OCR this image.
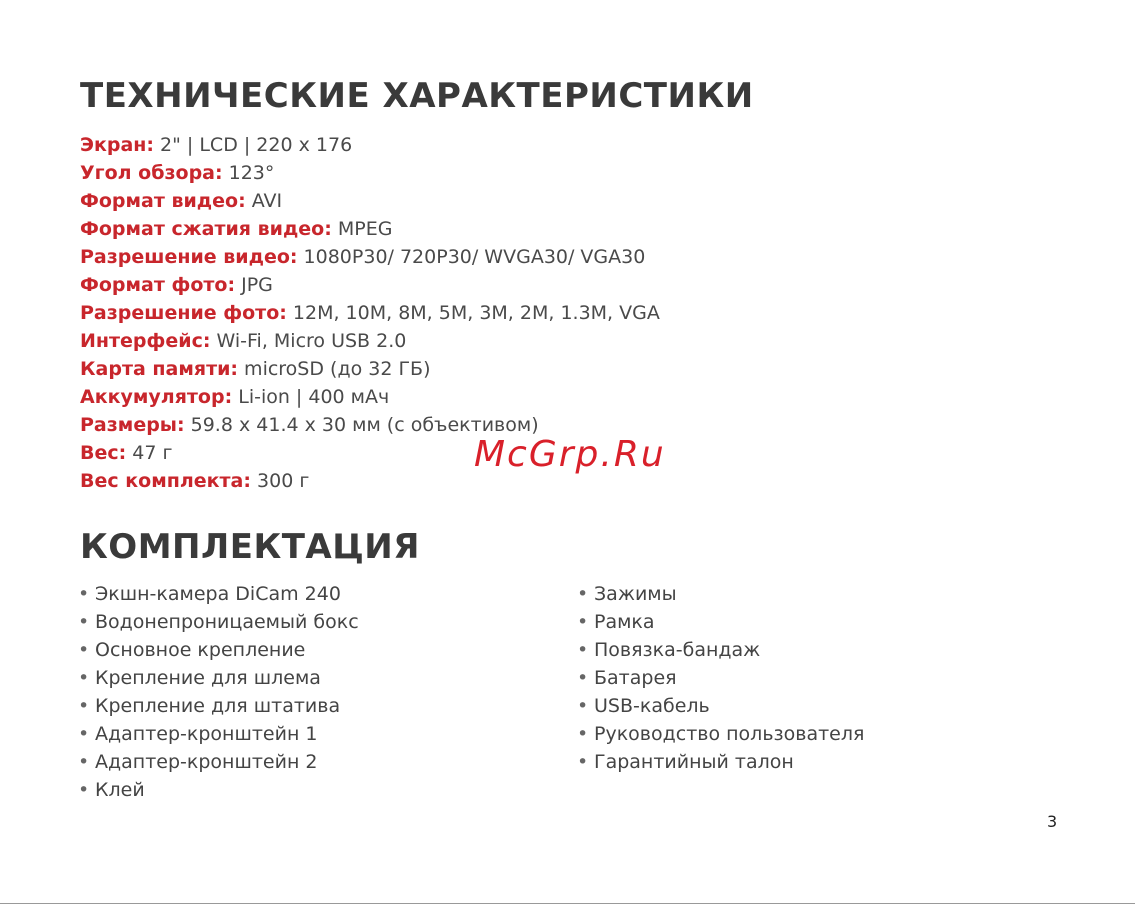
ТЕХНИЧЕСКИЕ ХАРАКТЕРИСТИКИ
Экран: 2" | LCD | 220 x 176
Угол обзора: 123°
Формат видео: AVI
Формат сжатия видео: MPEG
Разрешение видео: 1080P30/ 720P30/ WVGA30/ VGA30
Формат фото: JPG
Разрешение фото: 12M, 10M, 8M, 5M, 3M, 2M, 1.3M, VGA
Интерфейс: Wi-Fi, Micro USB 2.0
Карта памяти: microSD (до 32 ГБ)
Аккумулятор: Li-ion | 400 мАч
Размеры: 59.8 x 41.4 x 30 мм (с объективом)
Вес: 47 г
Вес комплекта: 300 г
McGrp.Ru
КОМПЛЕКТАЦИЯ
• Экшн-камера DiCam 240
• Водонепроницаемый бокс
• Основное крепление
• Крепление для шлема
• Крепление для штатива
• Адаптер-кронштейн 1
• Адаптер-кронштейн 2
• Клей
• Зажимы
• Рамка
• Повязка-бандаж
• Батарея
• USB-кабель
• Руководство пользователя
• Гарантийный талон
3
